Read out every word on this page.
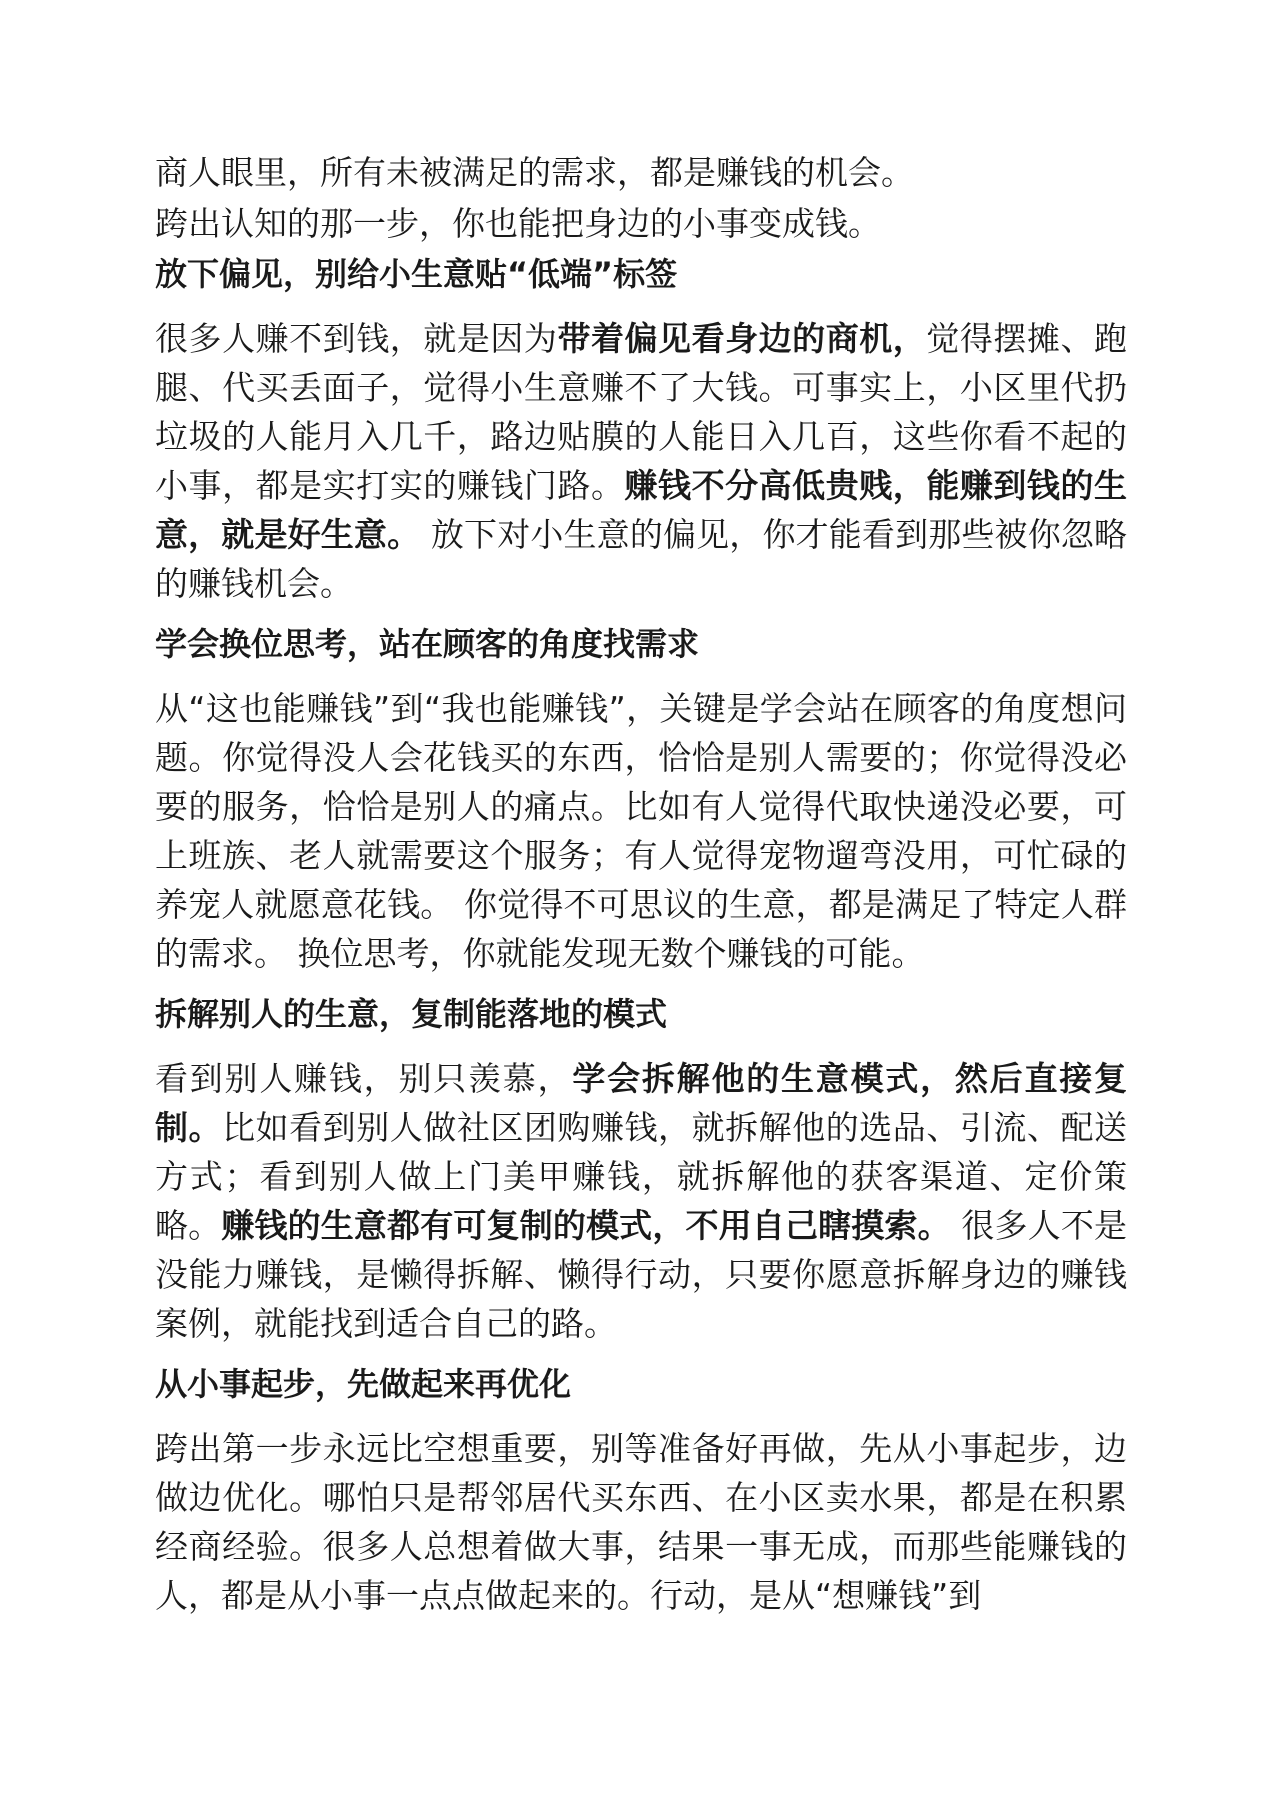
商人眼里，所有未被满足的需求，都是赚钱的机会。

跨出认知的那一步，你也能把身边的小事变成钱。

放下偏见，别给小生意贴“低端”标签

很多人赚不到钱，就是因为带着偏见看身边的商机，觉得摆摊、跑腿、代买丢面子，觉得小生意赚不了大钱。可事实上，小区里代扔垃圾的人能月入几千，路边贴膜的人能日入几百，这些你看不起的小事，都是实打实的赚钱门路。赚钱不分高低贵贱，能赚到钱的生意，就是好生意。 放下对小生意的偏见，你才能看到那些被你忽略的赚钱机会。

学会换位思考，站在顾客的角度找需求

从“这也能赚钱”到“我也能赚钱”，关键是学会站在顾客的角度想问题。你觉得没人会花钱买的东西，恰恰是别人需要的；你觉得没必要的服务，恰恰是别人的痛点。比如有人觉得代取快递没必要，可上班族、老人就需要这个服务；有人觉得宠物遛弯没用，可忙碌的养宠人就愿意花钱。 你觉得不可思议的生意，都是满足了特定人群的需求。 换位思考，你就能发现无数个赚钱的可能。

拆解别人的生意，复制能落地的模式

看到别人赚钱，别只羡慕，学会拆解他的生意模式，然后直接复制。比如看到别人做社区团购赚钱，就拆解他的选品、引流、配送方式；看到别人做上门美甲赚钱，就拆解他的获客渠道、定价策略。赚钱的生意都有可复制的模式，不用自己瞎摸索。 很多人不是没能力赚钱，是懒得拆解、懒得行动，只要你愿意拆解身边的赚钱案例，就能找到适合自己的路。

从小事起步，先做起来再优化

跨出第一步永远比空想重要，别等准备好再做，先从小事起步，边做边优化。哪怕只是帮邻居代买东西、在小区卖水果，都是在积累经商经验。很多人总想着做大事，结果一事无成，而那些能赚钱的人，都是从小事一点点做起来的。行动，是从“想赚钱”到
